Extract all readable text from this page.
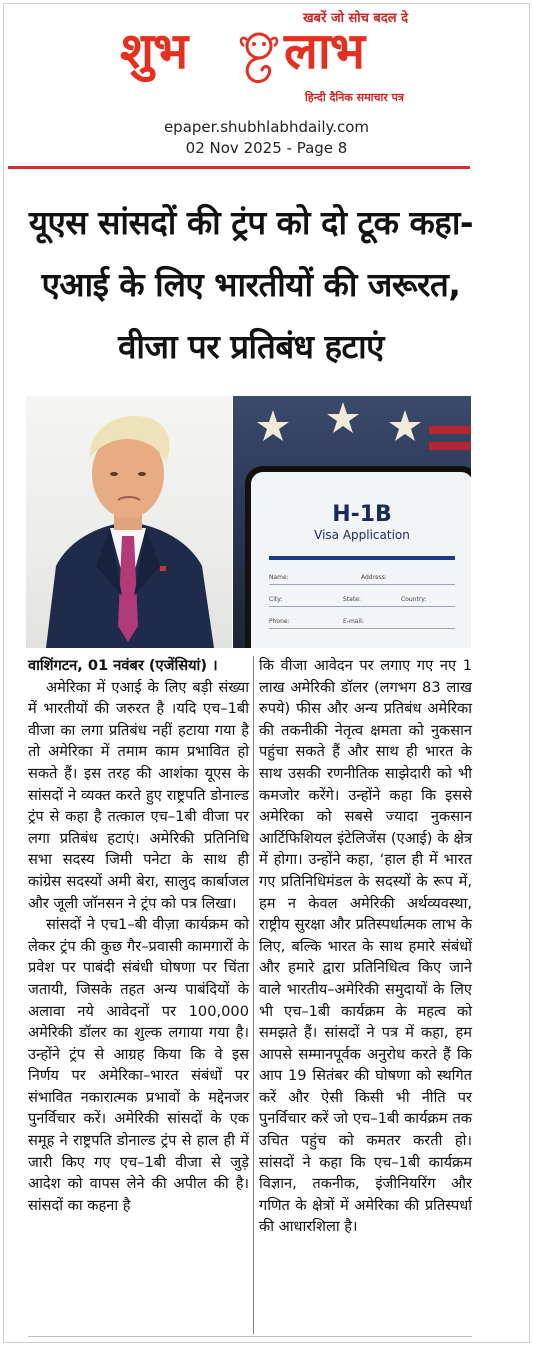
खबरें जो सोच बदल दे
शुभ लाभ
हिन्दी दैनिक समाचार पत्र
epaper.shubhlabhdaily.com
02 Nov 2025 - Page 8
यूएस सांसदों की ट्रंप को दो टूक कहा- एआई के लिए भारतीयों की जरूरत, वीजा पर प्रतिबंध हटाएं
H-1B
Visa Application
Name:	Address:
City:	State:	Country:
Phone:	E-mail:

वाशिंगटन, 01 नवंबर (एजेंसियां) ।

अमेरिका में एआई के लिए बड़ी संख्या में भारतीयों की जरुरत है ।यदि एच–1बी वीजा का लगा प्रतिबंध नहीं हटाया गया है तो अमेरिका में तमाम काम प्रभावित हो सकते हैं। इस तरह की आशंका यूएस के सांसदों ने व्यक्त करते हुए राष्ट्रपति डोनाल्ड ट्रंप से कहा है तत्काल एच–1बी वीजा पर लगा प्रतिबंध हटाएं। अमेरिकी प्रतिनिधि सभा सदस्य जिमी पनेटा के साथ ही कांग्रेस सदस्यों अमी बेरा, सालुद कार्बाजल और जूली जॉनसन ने ट्रंप को पत्र लिखा।

सांसदों ने एच1–बी वीज़ा कार्यक्रम को लेकर ट्रंप की कुछ गैर–प्रवासी कामगारों के प्रवेश पर पाबंदी संबंधी घोषणा पर चिंता जतायी, जिसके तहत अन्य पाबंदियों के अलावा नये आवेदनों पर 100,000 अमेरिकी डॉलर का शुल्क लगाया गया है। उन्होंने ट्रंप से आग्रह किया कि वे इस निर्णय पर अमेरिका–भारत संबंधों पर संभावित नकारात्मक प्रभावों के मद्देनजर पुनर्विचार करें। अमेरिकी सांसदों के एक समूह ने राष्ट्रपति डोनाल्ड ट्रंप से हाल ही में जारी किए गए एच–1बी वीजा से जुड़े आदेश को वापस लेने की अपील की है। सांसदों का कहना है

कि वीजा आवेदन पर लगाए गए नए 1 लाख अमेरिकी डॉलर (लगभग 83 लाख रुपये) फीस और अन्य प्रतिबंध अमेरिका की तकनीकी नेतृत्व क्षमता को नुकसान पहुंचा सकते हैं और साथ ही भारत के साथ उसकी रणनीतिक साझेदारी को भी कमजोर करेंगे। उन्होंने कहा कि इससे अमेरिका को सबसे ज्यादा नुकसान आर्टिफिशियल इंटेलिजेंस (एआई) के क्षेत्र में होगा। उन्होंने कहा, ‘हाल ही में भारत गए प्रतिनिधिमंडल के सदस्यों के रूप में, हम न केवल अमेरिकी अर्थव्यवस्था, राष्ट्रीय सुरक्षा और प्रतिस्पर्धात्मक लाभ के लिए, बल्कि भारत के साथ हमारे संबंधों और हमारे द्वारा प्रतिनिधित्व किए जाने वाले भारतीय–अमेरिकी समुदायों के लिए भी एच–1बी कार्यक्रम के महत्व को समझते हैं। सांसदों ने पत्र में कहा, हम आपसे सम्मानपूर्वक अनुरोध करते हैं कि आप 19 सितंबर की घोषणा को स्थगित करें और ऐसी किसी भी नीति पर पुनर्विचार करें जो एच–1बी कार्यक्रम तक उचित पहुंच को कमतर करती हो। सांसदों ने कहा कि एच–1बी कार्यक्रम विज्ञान, तकनीक, इंजीनियरिंग और गणित के क्षेत्रों में अमेरिका की प्रतिस्पर्धा की आधारशिला है।
